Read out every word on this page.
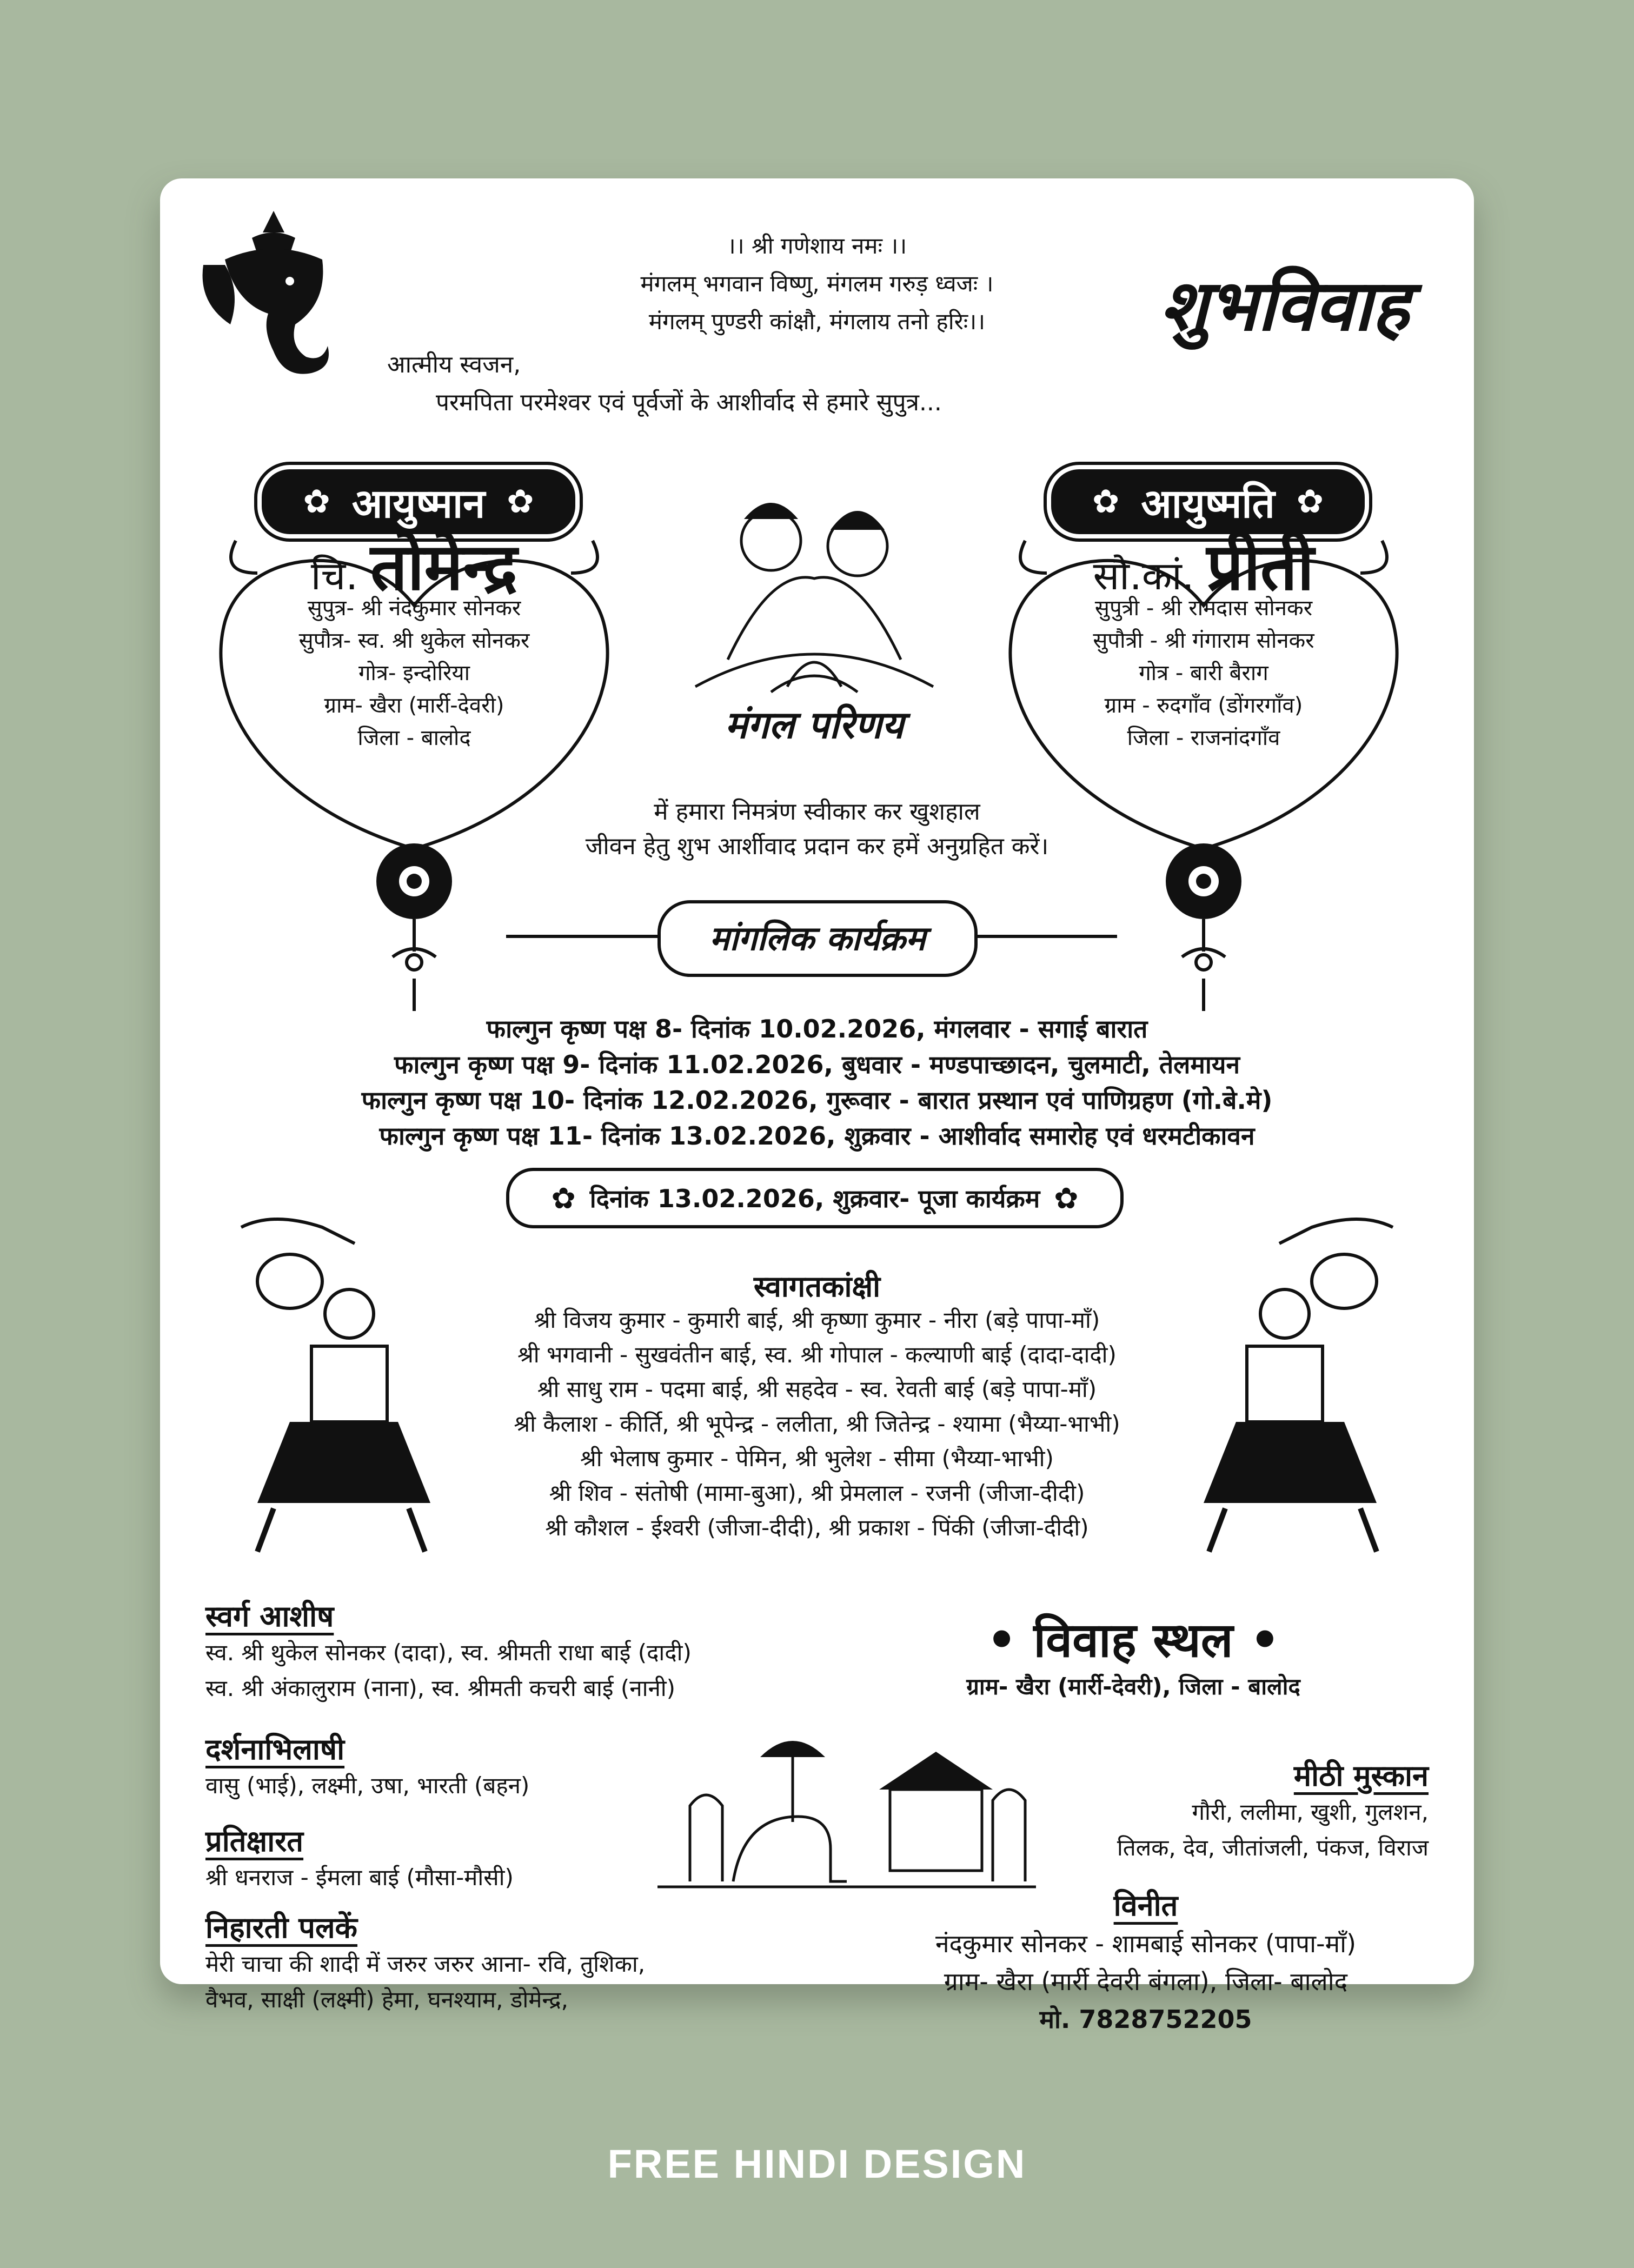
।। श्री गणेशाय नमः ।।
मंगलम् भगवान विष्णु, मंगलम गरुड़ ध्वजः ।
मंगलम् पुण्डरी कांक्षौ, मंगलाय तनो हरिः।।	शुभविवाह
आत्मीय स्वजन,
परमपिता परमेश्वर एवं पूर्वजों के आशीर्वाद से हमारे सुपुत्र...
✿ आयुष्मान ✿
चि. तोमेन्द्र
सुपुत्र- श्री नंदकुमार सोनकर
सुपौत्र- स्व. श्री थुकेल सोनकर
गोत्र- इन्दोरिया
ग्राम- खैरा (मार्री-देवरी)
जिला - बालोद
✿ आयुष्मति ✿
सौ.कां. प्रीती
सुपुत्री - श्री रामदास सोनकर
सुपौत्री - श्री गंगाराम सोनकर
गोत्र - बारी बैराग
ग्राम - रुदगाँव (डोंगरगाँव)
जिला - राजनांदगाँव
मंगल परिणय
में हमारा निमत्रंण स्वीकार कर खुशहाल
जीवन हेतु शुभ आर्शीवाद प्रदान कर हमें अनुग्रहित करें।
मांगलिक कार्यक्रम
फाल्गुन कृष्ण पक्ष 8- दिनांक 10.02.2026, मंगलवार - सगाई बारात
फाल्गुन कृष्ण पक्ष 9- दिनांक 11.02.2026, बुधवार - मण्डपाच्छादन, चुलमाटी, तेलमायन
फाल्गुन कृष्ण पक्ष 10- दिनांक 12.02.2026, गुरूवार - बारात प्रस्थान एवं पाणिग्रहण (गो.बे.मे)
फाल्गुन कृष्ण पक्ष 11- दिनांक 13.02.2026, शुक्रवार - आशीर्वाद समारोह एवं धरमटीकावन
✿ दिनांक 13.02.2026, शुक्रवार- पूजा कार्यक्रम ✿
स्वागतकांक्षी
श्री विजय कुमार - कुमारी बाई, श्री कृष्णा कुमार - नीरा (बड़े पापा-माँ)
श्री भगवानी - सुखवंतीन बाई, स्व. श्री गोपाल - कल्याणी बाई (दादा-दादी)
श्री साधु राम - पदमा बाई, श्री सहदेव - स्व. रेवती बाई (बड़े पापा-माँ)
श्री कैलाश - कीर्ति, श्री भूपेन्द्र - ललीता, श्री जितेन्द्र - श्यामा (भैय्या-भाभी)
श्री भेलाष कुमार - पेमिन, श्री भुलेश - सीमा (भैय्या-भाभी)
श्री शिव - संतोषी (मामा-बुआ), श्री प्रेमलाल - रजनी (जीजा-दीदी)
श्री कौशल - ईश्वरी (जीजा-दीदी), श्री प्रकाश - पिंकी (जीजा-दीदी)
स्वर्ग आशीष
स्व. श्री थुकेल सोनकर (दादा), स्व. श्रीमती राधा बाई (दादी)
स्व. श्री अंकालुराम (नाना), स्व. श्रीमती कचरी बाई (नानी)
दर्शनाभिलाषी
वासु (भाई), लक्ष्मी, उषा, भारती (बहन)
प्रतिक्षारत
श्री धनराज - ईमला बाई (मौसा-मौसी)
निहारती पलकें
मेरी चाचा की शादी में जरुर जरुर आना- रवि, तुशिका,
वैभव, साक्षी (लक्ष्मी) हेमा, घनश्याम, डोमेन्द्र,
• विवाह स्थल •
ग्राम- खैरा (मार्री-देवरी), जिला - बालोद
मीठी मुस्कान
गौरी, ललीमा, खुशी, गुलशन,
तिलक, देव, जीतांजली, पंकज, विराज
विनीत
नंदकुमार सोनकर - शामबाई सोनकर (पापा-माँ)
ग्राम- खैरा (मार्री देवरी बंगला), जिला- बालोद
मो. 7828752205
FREE HINDI DESIGN
